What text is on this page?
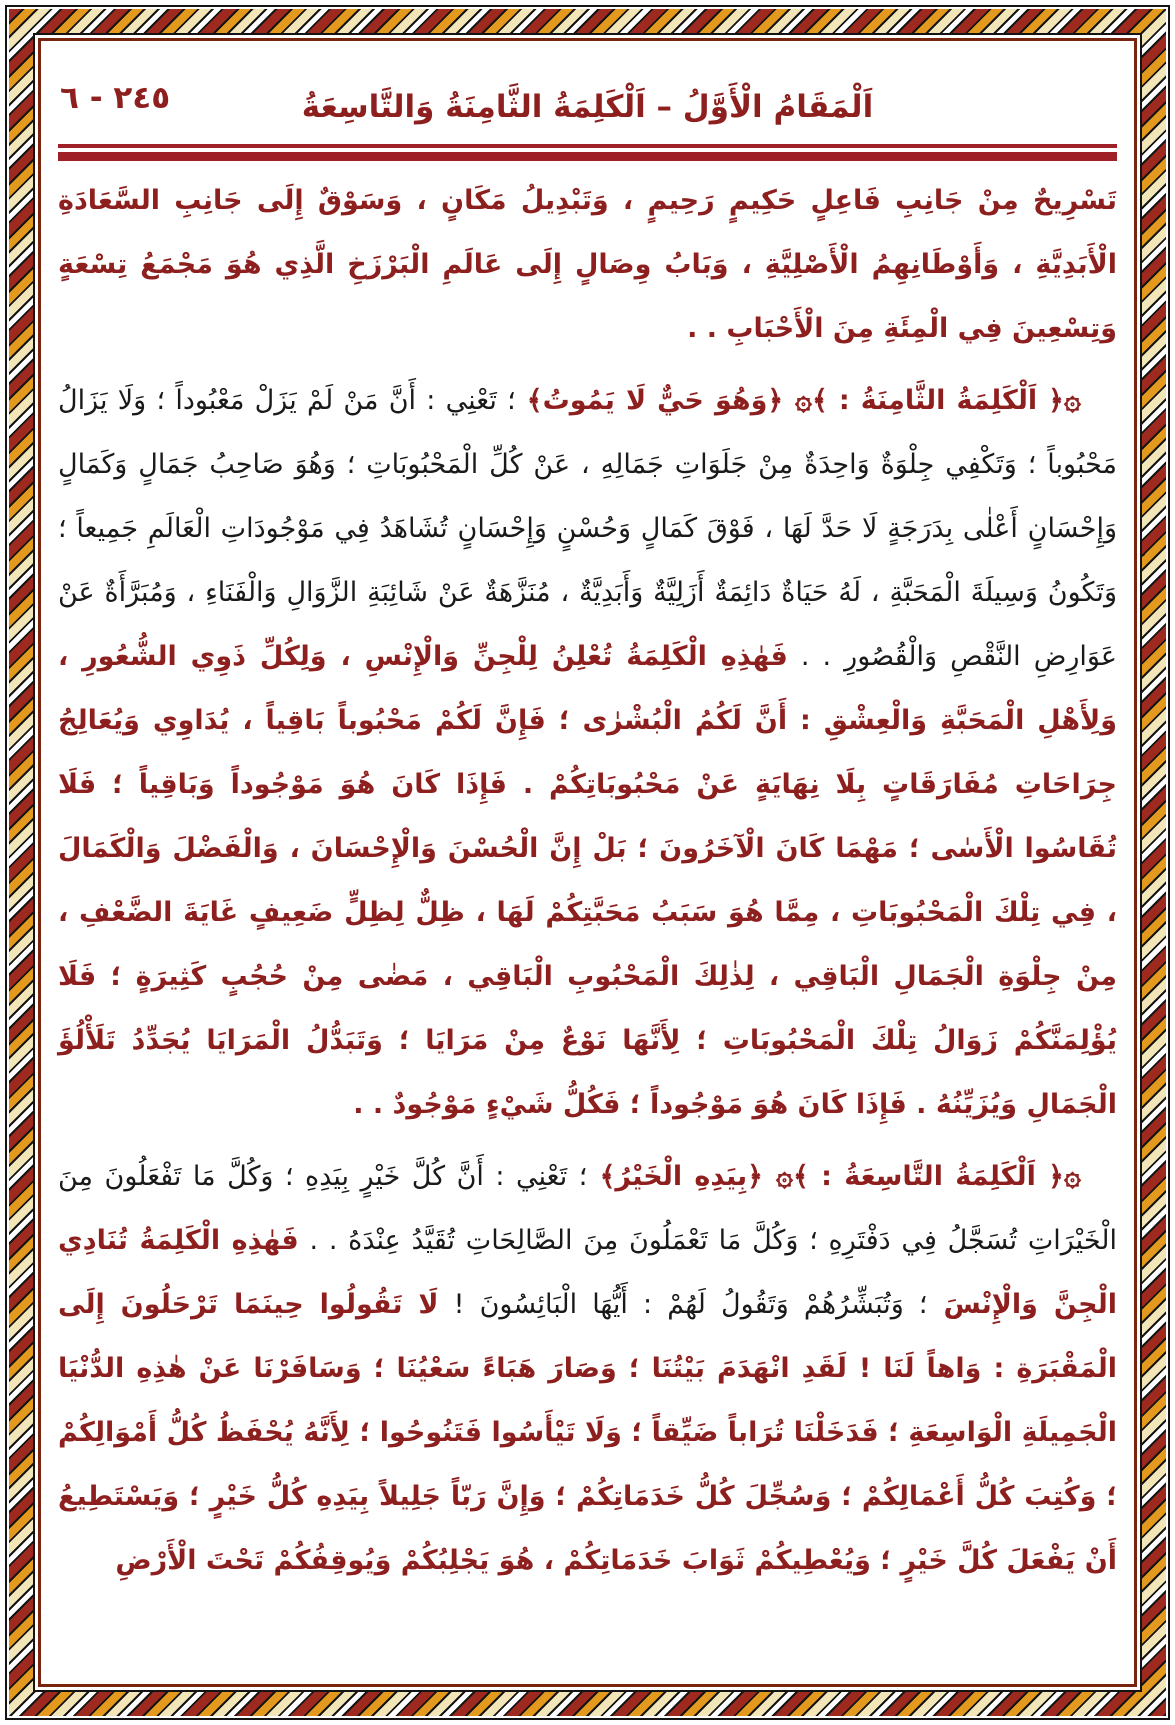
٢٤٥ - ٦	اَلْمَقَامُ الْأَوَّلُ – اَلْكَلِمَةُ الثَّامِنَةُ وَالتَّاسِعَةُ

تَسْرِيحٌ مِنْ جَانِبِ فَاعِلٍ حَكِيمٍ رَحِيمٍ ، وَتَبْدِيلُ مَكَانٍ ، وَسَوْقٌ إِلَى جَانِبِ السَّعَادَةِ الْأَبَدِيَّةِ ، وَأَوْطَانِهِمُ الْأَصْلِيَّةِ ، وَبَابُ وِصَالٍ إِلَى عَالَمِ الْبَرْزَخِ الَّذِي هُوَ مَجْمَعُ تِسْعَةٍ وَتِسْعِينَ فِي الْمِئَةِ مِنَ الْأَحْبَابِ . .

۞﴿ اَلْكَلِمَةُ الثَّامِنَةُ : ﴾۞ ﴿وَهُوَ حَيٌّ لَا يَمُوتُ﴾ ؛ تَعْنِي : أَنَّ مَنْ لَمْ يَزَلْ مَعْبُوداً ؛ وَلَا يَزَالُ مَحْبُوباً ؛ وَتَكْفِي جِلْوَةٌ وَاحِدَةٌ مِنْ جَلَوَاتِ جَمَالِهِ ، عَنْ كُلِّ الْمَحْبُوبَاتِ ؛ وَهُوَ صَاحِبُ جَمَالٍ وَكَمَالٍ وَإِحْسَانٍ أَعْلٰى بِدَرَجَةٍ لَا حَدَّ لَهَا ، فَوْقَ كَمَالٍ وَحُسْنٍ وَإِحْسَانٍ تُشَاهَدُ فِي مَوْجُودَاتِ الْعَالَمِ جَمِيعاً ؛ وَتَكُونُ وَسِيلَةَ الْمَحَبَّةِ ، لَهُ حَيَاةٌ دَائِمَةٌ أَزَلِيَّةٌ وَأَبَدِيَّةٌ ، مُنَزَّهَةٌ عَنْ شَائِبَةِ الزَّوَالِ وَالْفَنَاءِ ، وَمُبَرَّأَةٌ عَنْ عَوَارِضِ النَّقْصِ وَالْقُصُورِ . . فَهٰذِهِ الْكَلِمَةُ تُعْلِنُ لِلْجِنِّ وَالْإِنْسِ ، وَلِكُلِّ ذَوِي الشُّعُورِ ، وَلِأَهْلِ الْمَحَبَّةِ وَالْعِشْقِ : أَنَّ لَكُمُ الْبُشْرٰى ؛ فَإِنَّ لَكُمْ مَحْبُوباً بَاقِياً ، يُدَاوِي وَيُعَالِجُ جِرَاحَاتِ مُفَارَقَاتٍ بِلَا نِهَايَةٍ عَنْ مَحْبُوبَاتِكُمْ . فَإِذَا كَانَ هُوَ مَوْجُوداً وَبَاقِياً ؛ فَلَا تُقَاسُوا الْأَسٰى ؛ مَهْمَا كَانَ الْآخَرُونَ ؛ بَلْ إِنَّ الْحُسْنَ وَالْإِحْسَانَ ، وَالْفَضْلَ وَالْكَمَالَ ، فِي تِلْكَ الْمَحْبُوبَاتِ ، مِمَّا هُوَ سَبَبُ مَحَبَّتِكُمْ لَهَا ، ظِلٌّ لِظِلٍّ ضَعِيفٍ غَايَةَ الضَّعْفِ ، مِنْ جِلْوَةِ الْجَمَالِ الْبَاقِي ، لِذٰلِكَ الْمَحْبُوبِ الْبَاقِي ، مَضٰى مِنْ حُجُبٍ كَثِيرَةٍ ؛ فَلَا يُؤْلِمَنَّكُمْ زَوَالُ تِلْكَ الْمَحْبُوبَاتِ ؛ لِأَنَّهَا نَوْعٌ مِنْ مَرَايَا ؛ وَتَبَدُّلُ الْمَرَايَا يُجَدِّدُ تَلَأْلُؤَ الْجَمَالِ وَيُزَيِّنُهُ . فَإِذَا كَانَ هُوَ مَوْجُوداً ؛ فَكُلُّ شَيْءٍ مَوْجُودٌ . .

۞﴿ اَلْكَلِمَةُ التَّاسِعَةُ : ﴾۞ ﴿بِيَدِهِ الْخَيْرُ﴾ ؛ تَعْنِي : أَنَّ كُلَّ خَيْرٍ بِيَدِهِ ؛ وَكُلَّ مَا تَفْعَلُونَ مِنَ الْخَيْرَاتِ تُسَجَّلُ فِي دَفْتَرِهِ ؛ وَكُلَّ مَا تَعْمَلُونَ مِنَ الصَّالِحَاتِ تُقَيَّدُ عِنْدَهُ . . فَهٰذِهِ الْكَلِمَةُ تُنَادِي الْجِنَّ وَالْإِنْسَ ؛ وَتُبَشِّرُهُمْ وَتَقُولُ لَهُمْ : أَيُّهَا الْبَائِسُونَ ! لَا تَقُولُوا حِينَمَا تَرْحَلُونَ إِلَى الْمَقْبَرَةِ : وَاهاً لَنَا ! لَقَدِ انْهَدَمَ بَيْتُنَا ؛ وَصَارَ هَبَاءً سَعْيُنَا ؛ وَسَافَرْنَا عَنْ هٰذِهِ الدُّنْيَا الْجَمِيلَةِ الْوَاسِعَةِ ؛ فَدَخَلْنَا تُرَاباً ضَيِّقاً ؛ وَلَا تَيْأَسُوا فَتَنُوحُوا ؛ لِأَنَّهُ يُحْفَظُ كُلُّ أَمْوَالِكُمْ ؛ وَكُتِبَ كُلُّ أَعْمَالِكُمْ ؛ وَسُجِّلَ كُلُّ خَدَمَاتِكُمْ ؛ وَإِنَّ رَبّاً جَلِيلاً بِيَدِهِ كُلُّ خَيْرٍ ؛ وَيَسْتَطِيعُ أَنْ يَفْعَلَ كُلَّ خَيْرٍ ؛ وَيُعْطِيكُمْ ثَوَابَ خَدَمَاتِكُمْ ، هُوَ يَجْلِبُكُمْ وَيُوقِفُكُمْ تَحْتَ الْأَرْضِ
